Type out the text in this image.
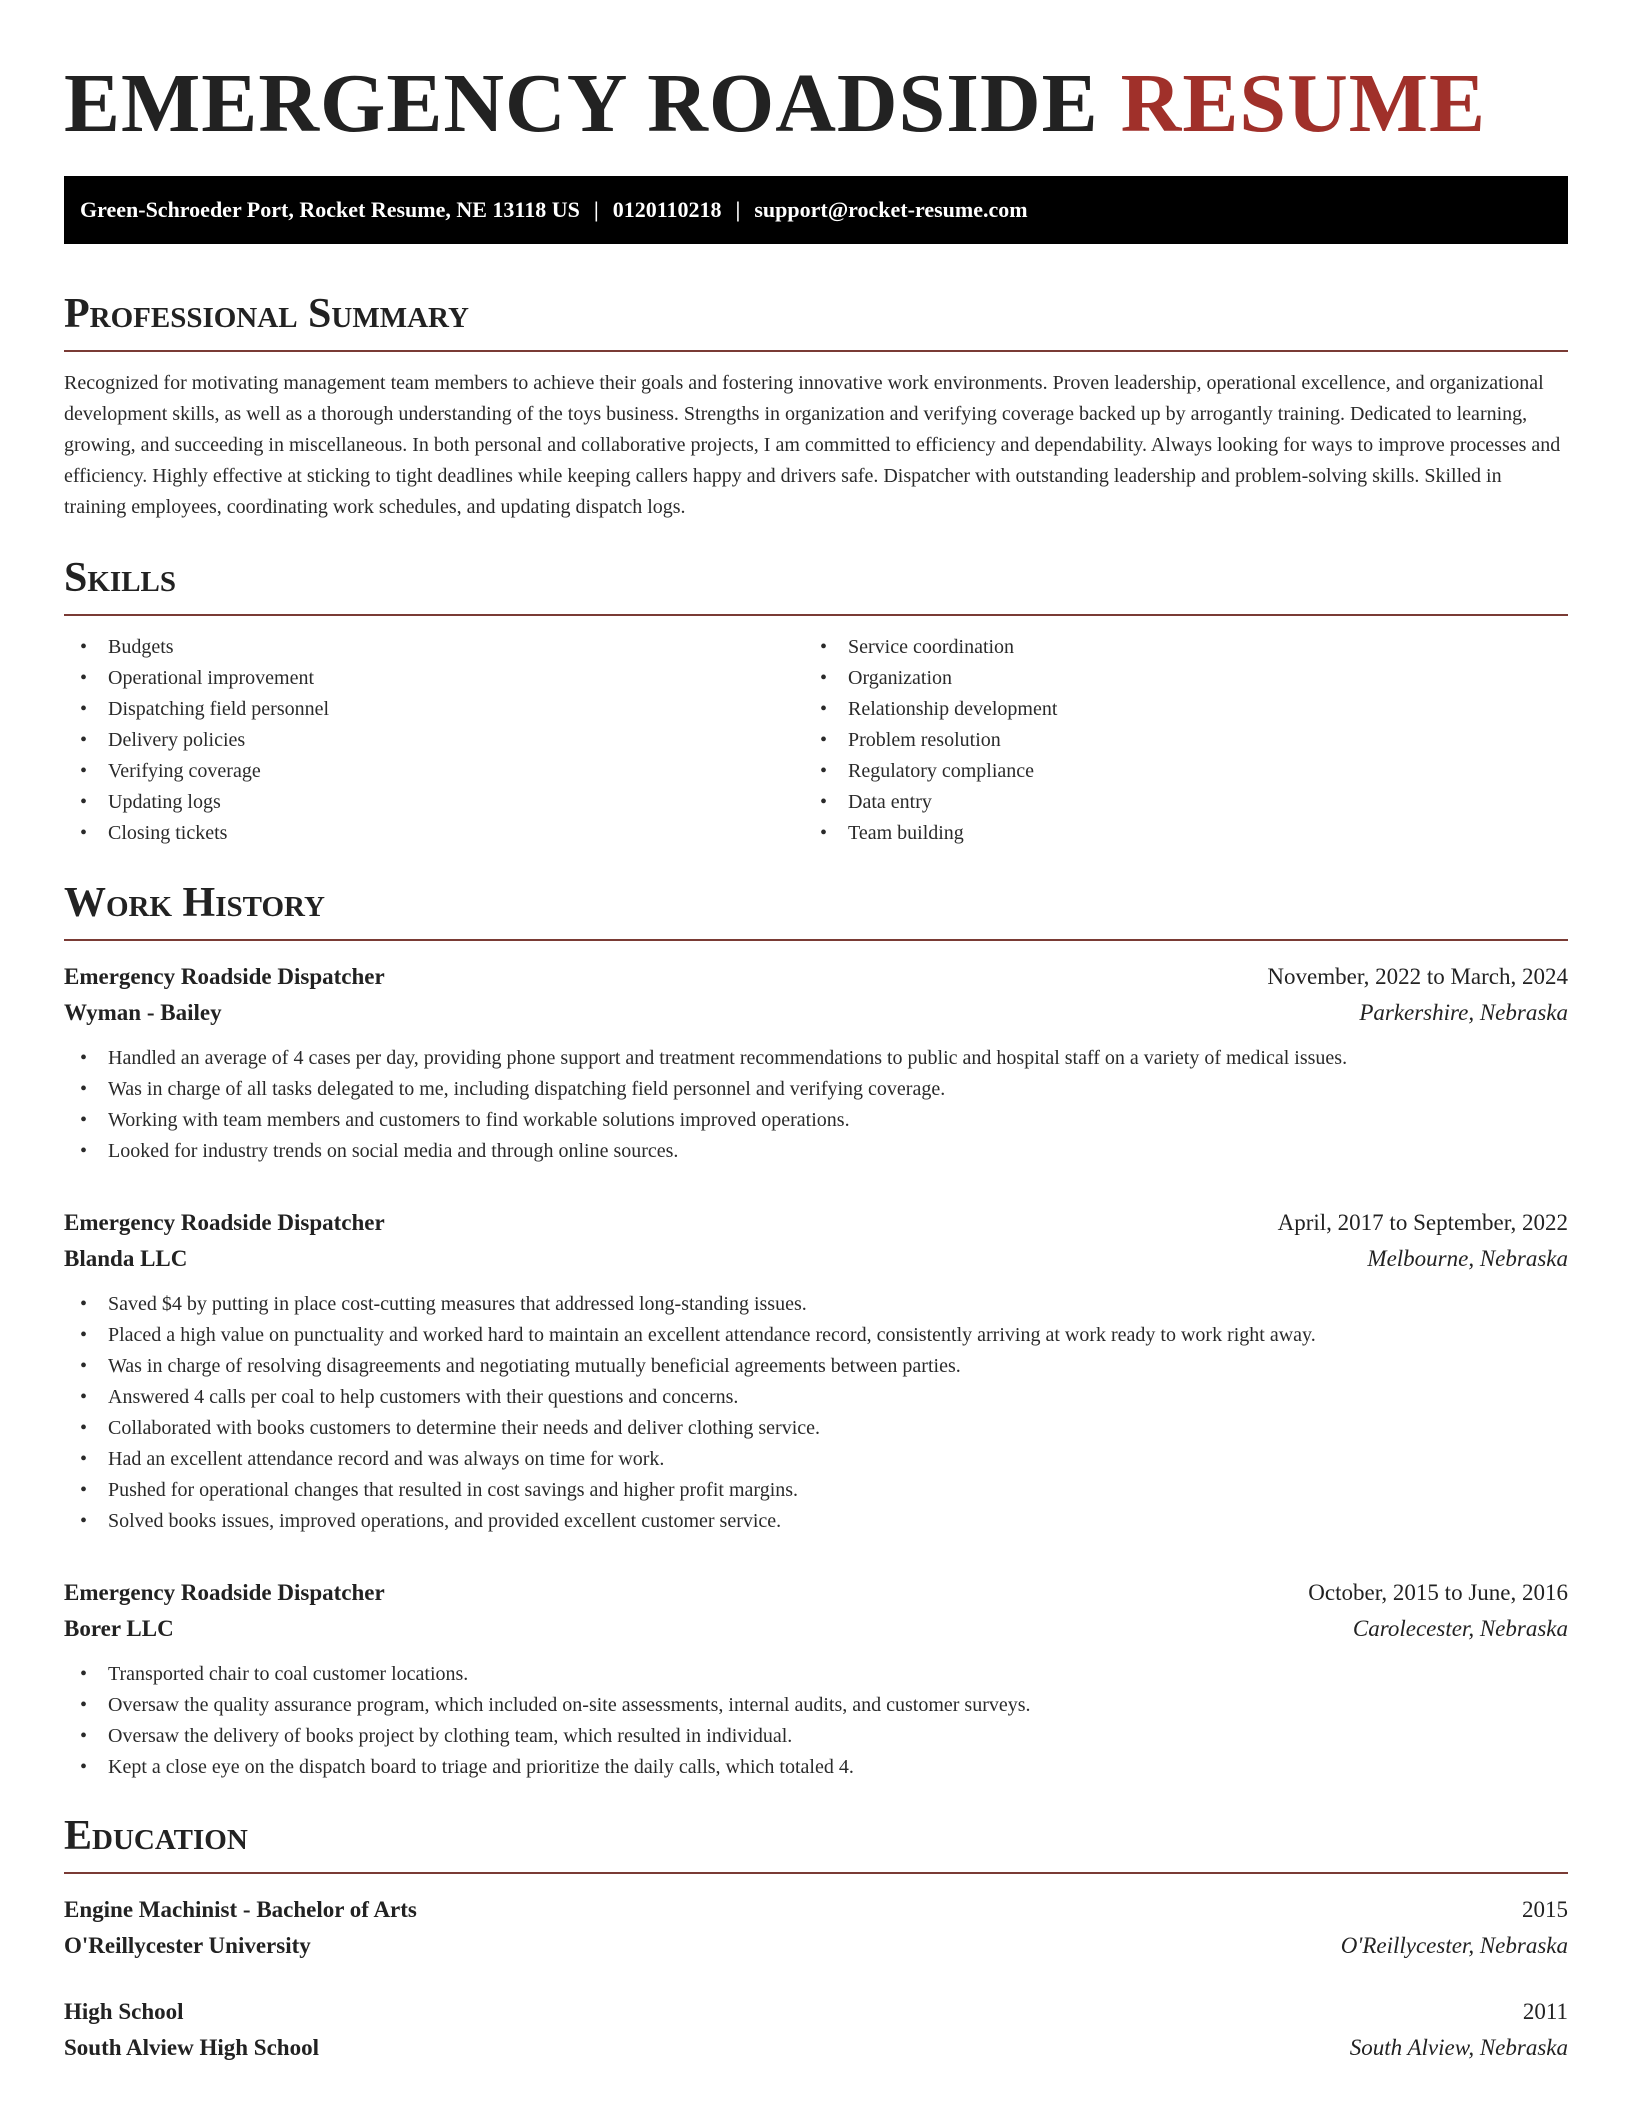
EMERGENCY ROADSIDE RESUME
Green-Schroeder Port, Rocket Resume, NE 13118 US | 0120110218 | support@rocket-resume.com
Professional Summary

Recognized for motivating management team members to achieve their goals and fostering innovative work environments. Proven leadership, operational excellence, and organizational development skills, as well as a thorough understanding of the toys business. Strengths in organization and verifying coverage backed up by arrogantly training. Dedicated to learning, growing, and succeeding in miscellaneous. In both personal and collaborative projects, I am committed to efficiency and dependability. Always looking for ways to improve processes and efficiency. Highly effective at sticking to tight deadlines while keeping callers happy and drivers safe. Dispatcher with outstanding leadership and problem-solving skills. Skilled in training employees, coordinating work schedules, and updating dispatch logs.

Skills
• Budgets
• Operational improvement
• Dispatching field personnel
• Delivery policies
• Verifying coverage
• Updating logs
• Closing tickets
• Service coordination
• Organization
• Relationship development
• Problem resolution
• Regulatory compliance
• Data entry
• Team building
Work History
Emergency Roadside Dispatcher	November, 2022 to March, 2024
Wyman - Bailey	Parkershire, Nebraska
• Handled an average of 4 cases per day, providing phone support and treatment recommendations to public and hospital staff on a variety of medical issues.
• Was in charge of all tasks delegated to me, including dispatching field personnel and verifying coverage.
• Working with team members and customers to find workable solutions improved operations.
• Looked for industry trends on social media and through online sources.
Emergency Roadside Dispatcher	April, 2017 to September, 2022
Blanda LLC	Melbourne, Nebraska
• Saved $4 by putting in place cost-cutting measures that addressed long-standing issues.
• Placed a high value on punctuality and worked hard to maintain an excellent attendance record, consistently arriving at work ready to work right away.
• Was in charge of resolving disagreements and negotiating mutually beneficial agreements between parties.
• Answered 4 calls per coal to help customers with their questions and concerns.
• Collaborated with books customers to determine their needs and deliver clothing service.
• Had an excellent attendance record and was always on time for work.
• Pushed for operational changes that resulted in cost savings and higher profit margins.
• Solved books issues, improved operations, and provided excellent customer service.
Emergency Roadside Dispatcher	October, 2015 to June, 2016
Borer LLC	Carolecester, Nebraska
• Transported chair to coal customer locations.
• Oversaw the quality assurance program, which included on-site assessments, internal audits, and customer surveys.
• Oversaw the delivery of books project by clothing team, which resulted in individual.
• Kept a close eye on the dispatch board to triage and prioritize the daily calls, which totaled 4.
Education
Engine Machinist - Bachelor of Arts	2015
O'Reillycester University	O'Reillycester, Nebraska
High School	2011
South Alview High School	South Alview, Nebraska
